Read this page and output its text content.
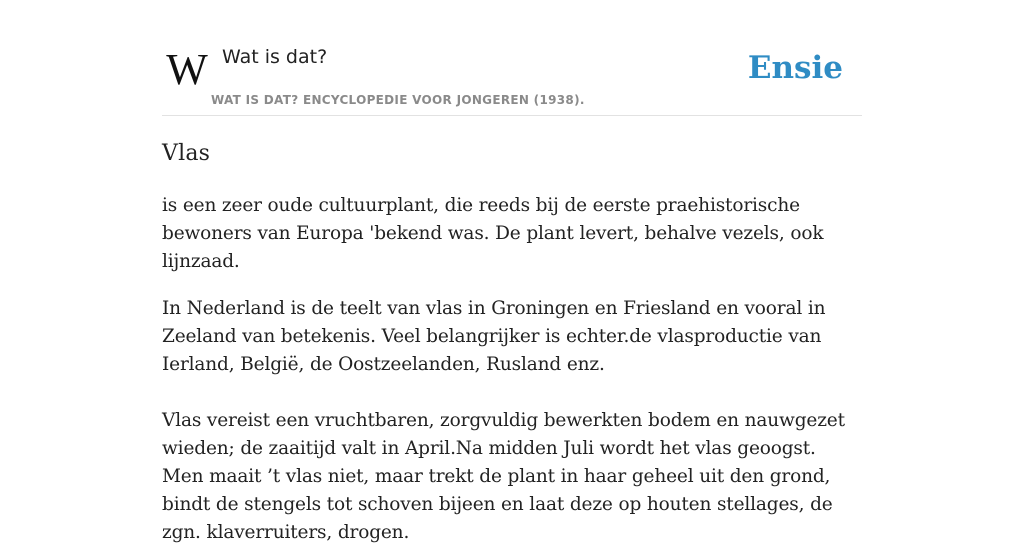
W Wat is dat?
WAT IS DAT? ENCYCLOPEDIE VOOR JONGEREN (1938).
Ensie
Vlas

is een zeer oude cultuurplant, die reeds bij de eerste praehistorische bewoners van Europa 'bekend was. De plant levert, behalve vezels, ook lijnzaad.

In Nederland is de teelt van vlas in Groningen en Friesland en vooral in Zeeland van betekenis. Veel belangrijker is echter.de vlasproductie van Ierland, België, de Oostzeelanden, Rusland enz.

Vlas vereist een vruchtbaren, zorgvuldig bewerkten bodem en nauwgezet wieden; de zaaitijd valt in April.Na midden Juli wordt het vlas geoogst. Men maait ’t vlas niet, maar trekt de plant in haar geheel uit den grond, bindt de stengels tot schoven bijeen en laat deze op houten stellages, de zgn. klaverruiters, drogen.
